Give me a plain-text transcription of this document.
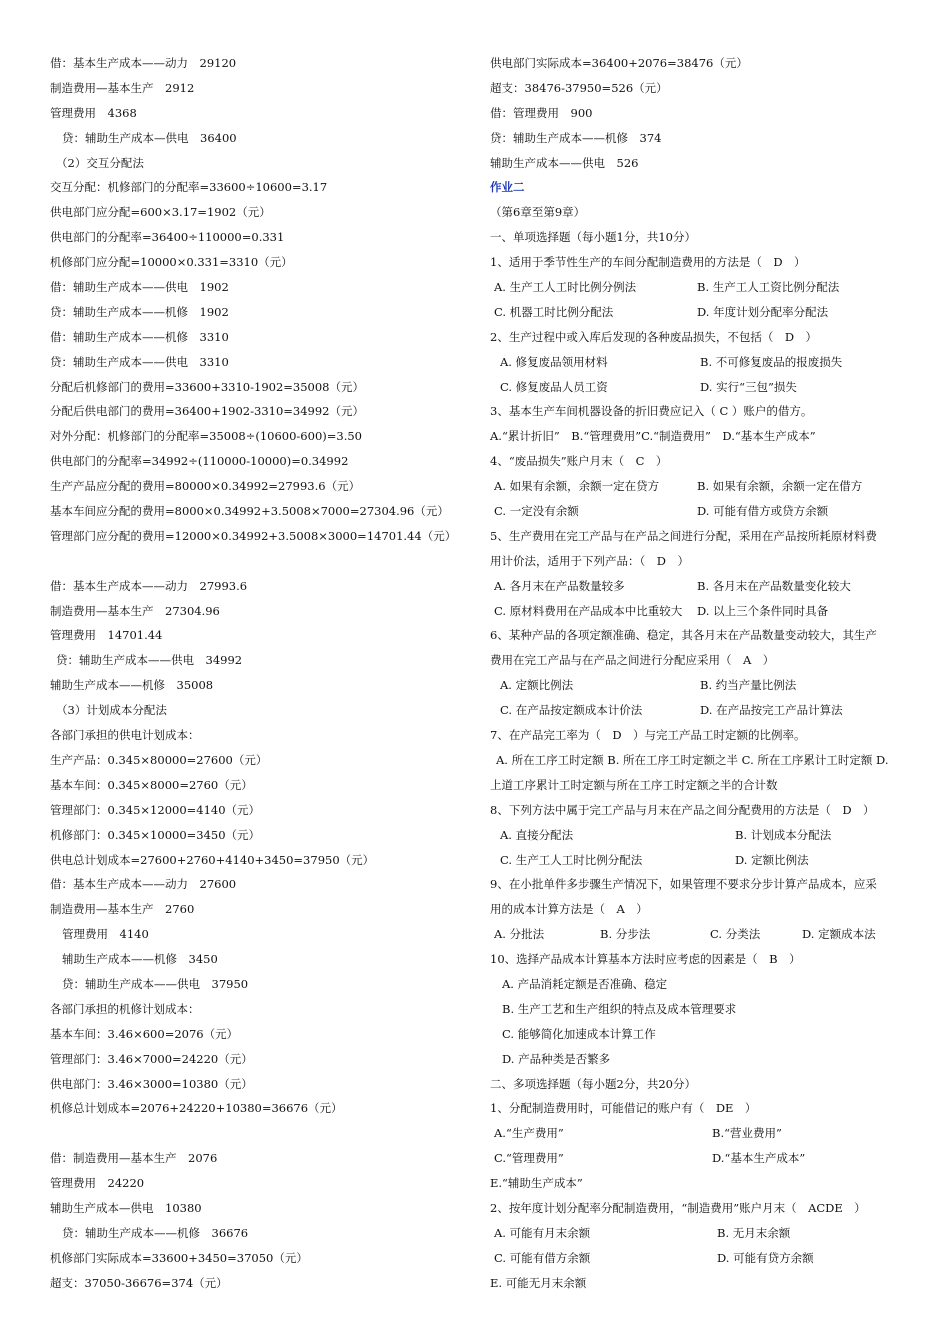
借：基本生产成本——动力　29120
制造费用—基本生产　2912
管理费用　4368
贷：辅助生产成本—供电　36400
（2）交互分配法
交互分配：机修部门的分配率=33600÷10600=3.17
供电部门应分配=600×3.17=1902（元）
供电部门的分配率=36400÷110000=0.331
机修部门应分配=10000×0.331=3310（元）
借：辅助生产成本——供电　1902
贷：辅助生产成本——机修　1902
借：辅助生产成本——机修　3310
贷：辅助生产成本——供电　3310
分配后机修部门的费用=33600+3310-1902=35008（元）
分配后供电部门的费用=36400+1902-3310=34992（元）
对外分配：机修部门的分配率=35008÷(10600-600)=3.50
供电部门的分配率=34992÷(110000-10000)=0.34992
生产产品应分配的费用=80000×0.34992=27993.6（元）
基本车间应分配的费用=8000×0.34992+3.5008×7000=27304.96（元）
管理部门应分配的费用=12000×0.34992+3.5008×3000=14701.44（元）
借：基本生产成本——动力　27993.6
制造费用—基本生产　27304.96
管理费用　14701.44
贷：辅助生产成本——供电　34992
辅助生产成本——机修　35008
（3）计划成本分配法
各部门承担的供电计划成本：
生产产品：0.345×80000=27600（元）
基本车间：0.345×8000=2760（元）
管理部门：0.345×12000=4140（元）
机修部门：0.345×10000=3450（元）
供电总计划成本=27600+2760+4140+3450=37950（元）
借：基本生产成本——动力　27600
制造费用—基本生产　2760
管理费用　4140
辅助生产成本——机修　3450
贷：辅助生产成本——供电　37950
各部门承担的机修计划成本：
基本车间：3.46×600=2076（元）
管理部门：3.46×7000=24220（元）
供电部门：3.46×3000=10380（元）
机修总计划成本=2076+24220+10380=36676（元）
借：制造费用—基本生产　2076
管理费用　24220
辅助生产成本—供电　10380
贷：辅助生产成本——机修　36676
机修部门实际成本=33600+3450=37050（元）
超支：37050-36676=374（元）
供电部门实际成本=36400+2076=38476（元）
超支：38476-37950=526（元）
借：管理费用　900
贷：辅助生产成本——机修　374
辅助生产成本——供电　526
作业二
（第6章至第9章）
一、单项选择题（每小题1分，共10分）
1、适用于季节性生产的车间分配制造费用的方法是（　D　）
A. 生产工人工时比例分例法	B. 生产工人工资比例分配法
C. 机器工时比例分配法	D. 年度计划分配率分配法
2、生产过程中或入库后发现的各种废品损失，不包括（　D　）
A. 修复废品领用材料	B. 不可修复废品的报废损失
C. 修复废品人员工资	D. 实行“三包”损失
3、基本生产车间机器设备的折旧费应记入（ C ）账户的借方。
A.“累计折旧”　B.“管理费用”C.“制造费用”　D.“基本生产成本”
4、“废品损失”账户月末（　C　）
A. 如果有余额，余额一定在贷方	B. 如果有余额，余额一定在借方
C. 一定没有余额	D. 可能有借方或贷方余额
5、生产费用在完工产品与在产品之间进行分配，采用在产品按所耗原材料费
用计价法，适用于下列产品：（　D　）
A. 各月末在产品数量较多	B. 各月末在产品数量变化较大
C. 原材料费用在产品成本中比重较大	D. 以上三个条件同时具备
6、某种产品的各项定额准确、稳定，其各月末在产品数量变动较大，其生产
费用在完工产品与在产品之间进行分配应采用（　A　）
A. 定额比例法	B. 约当产量比例法
C. 在产品按定额成本计价法	D. 在产品按完工产品计算法
7、在产品完工率为（　D　）与完工产品工时定额的比例率。
A. 所在工序工时定额 B. 所在工序工时定额之半 C. 所在工序累计工时定额 D.
上道工序累计工时定额与所在工序工时定额之半的合计数
8、下列方法中属于完工产品与月末在产品之间分配费用的方法是（　D　）
A. 直接分配法	B. 计划成本分配法
C. 生产工人工时比例分配法	D. 定额比例法
9、在小批单件多步骤生产情况下，如果管理不要求分步计算产品成本，应采
用的成本计算方法是（　A　）
A. 分批法	B. 分步法	C. 分类法	D. 定额成本法
10、选择产品成本计算基本方法时应考虑的因素是（　B　）
A. 产品消耗定额是否准确、稳定
B. 生产工艺和生产组织的特点及成本管理要求
C. 能够简化加速成本计算工作
D. 产品种类是否繁多
二、多项选择题（每小题2分，共20分）
1、分配制造费用时，可能借记的账户有（　DE　）
A.“生产费用”	B.“营业费用”
C.“管理费用”	D.“基本生产成本”
E.“辅助生产成本”
2、按年度计划分配率分配制造费用，“制造费用”账户月末（　ACDE　）
A. 可能有月末余额	B. 无月末余额
C. 可能有借方余额	D. 可能有贷方余额
E. 可能无月末余额
